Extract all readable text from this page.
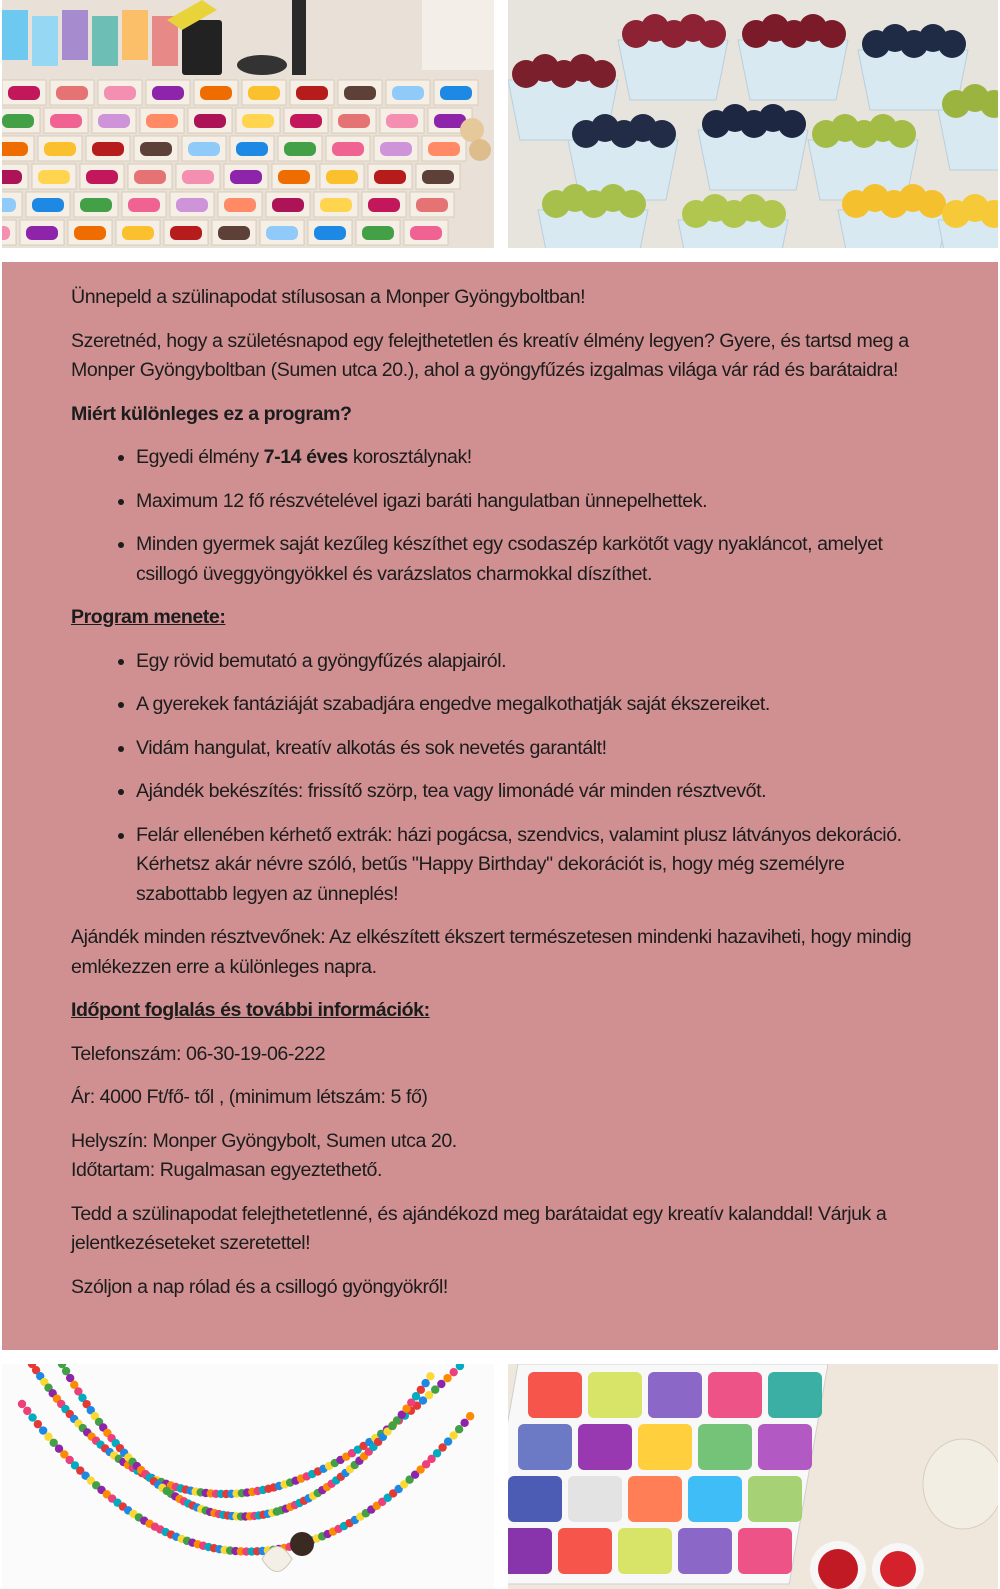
Ünnepeld a szülinapodat stílusosan a Monper Gyöngyboltban!

Szeretnéd, hogy a születésnapod egy felejthetetlen és kreatív élmény legyen? Gyere, és tartsd meg a Monper Gyöngyboltban (Sumen utca 20.), ahol a gyöngyfűzés izgalmas világa vár rád és barátaidra!

Miért különleges ez a program?

• Egyedi élmény 7-14 éves korosztálynak!
• Maximum 12 fő részvételével igazi baráti hangulatban ünnepelhettek.
• Minden gyermek saját kezűleg készíthet egy csodaszép karkötőt vagy nyakláncot, amelyet csillogó üveggyöngyökkel és varázslatos charmokkal díszíthet.

Program menete:

• Egy rövid bemutató a gyöngyfűzés alapjairól.
• A gyerekek fantáziáját szabadjára engedve megalkothatják saját ékszereiket.
• Vidám hangulat, kreatív alkotás és sok nevetés garantált!
• Ajándék bekészítés: frissítő szörp, tea vagy limonádé vár minden résztvevőt.
• Felár ellenében kérhető extrák: házi pogácsa, szendvics, valamint plusz látványos dekoráció. Kérhetsz akár névre szóló, betűs "Happy Birthday" dekorációt is, hogy még személyre szabottabb legyen az ünneplés!

Ajándék minden résztvevőnek: Az elkészített ékszert természetesen mindenki hazaviheti, hogy mindig emlékezzen erre a különleges napra.

Időpont foglalás és további információk:

Telefonszám: 06-30-19-06-222

Ár: 4000 Ft/fő- től , (minimum létszám: 5 fő)

Helyszín: Monper Gyöngybolt, Sumen utca 20.

Időtartam: Rugalmasan egyeztethető.

Tedd a szülinapodat felejthetetlenné, és ajándékozd meg barátaidat egy kreatív kalanddal! Várjuk a jelentkezéseteket szeretettel!

Szóljon a nap rólad és a csillogó gyöngyökről!
